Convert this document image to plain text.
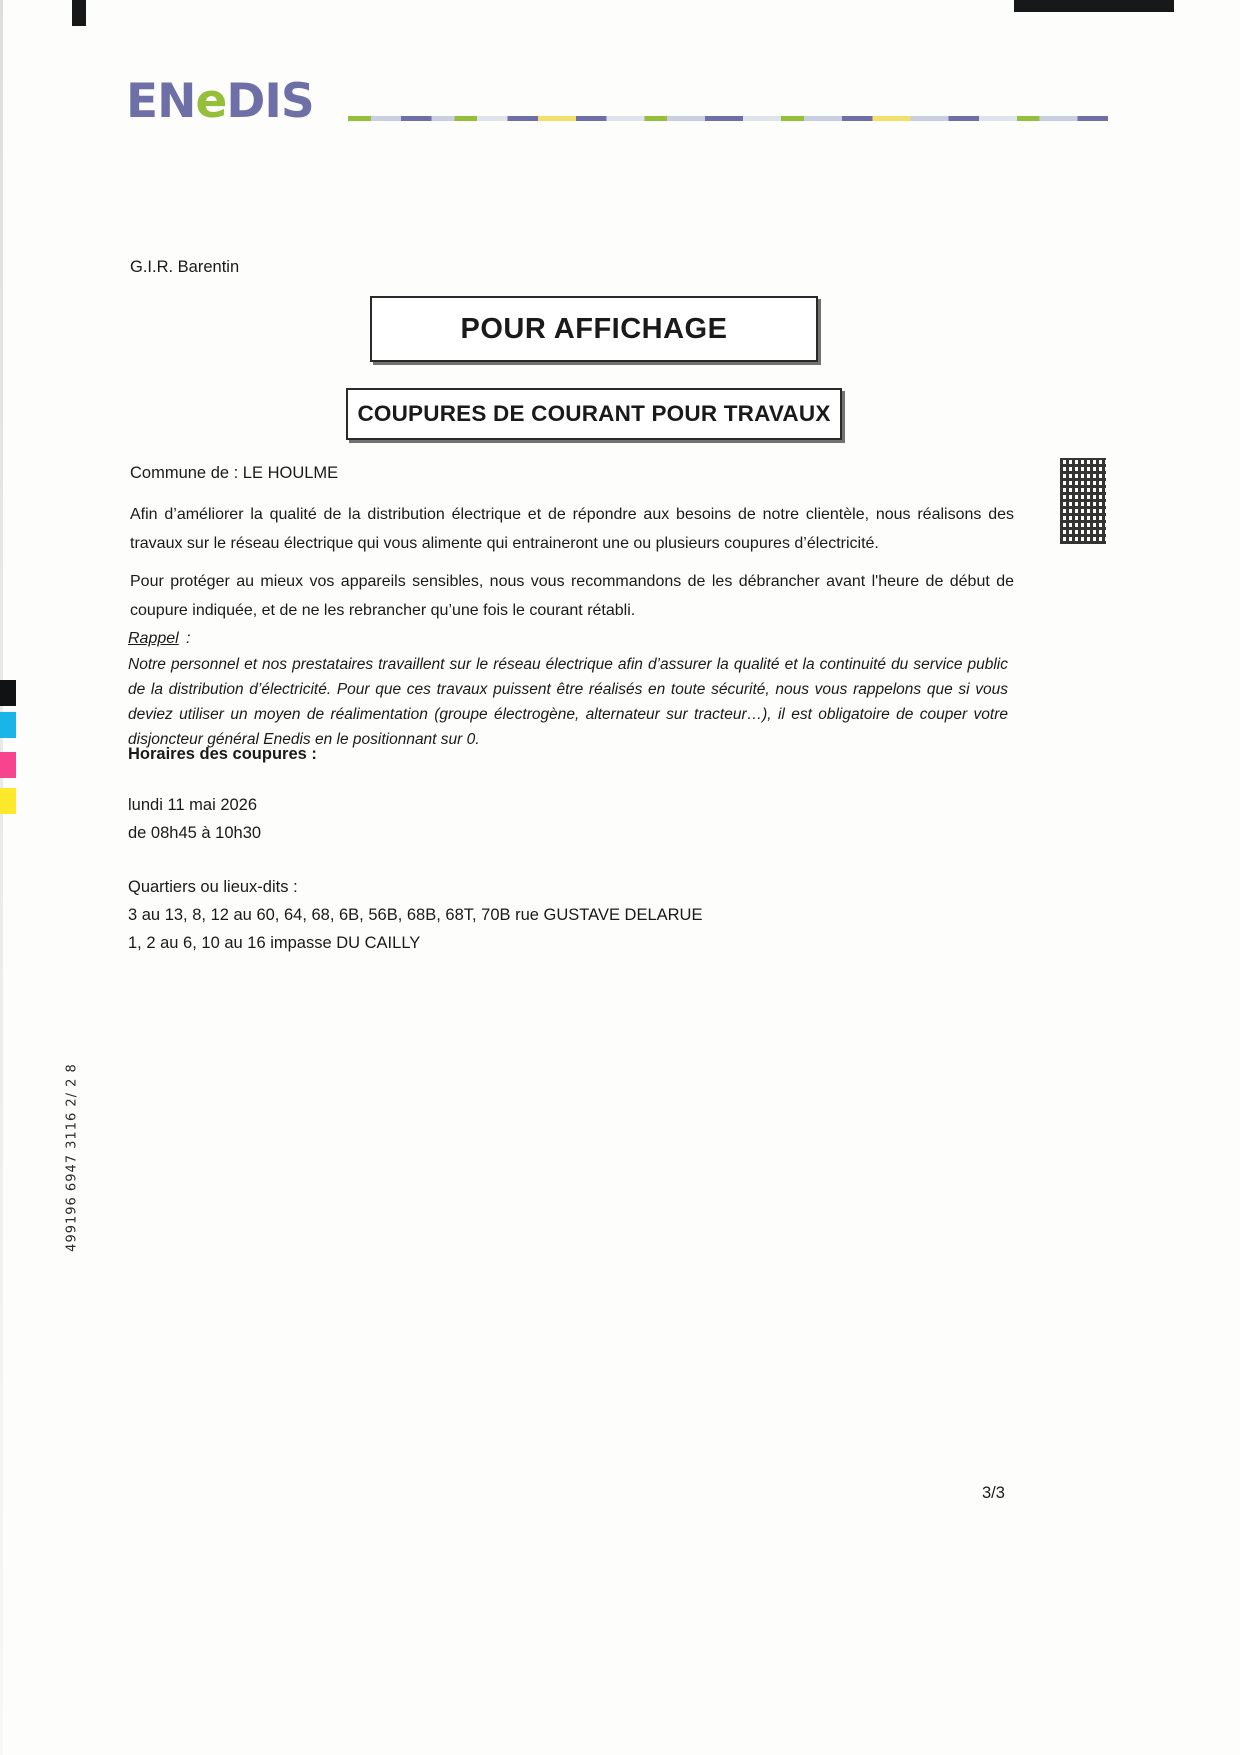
ENeDIS
G.I.R. Barentin
POUR AFFICHAGE
COUPURES DE COURANT POUR TRAVAUX
Commune de : LE HOULME
Afin d’améliorer la qualité de la distribution électrique et de répondre aux besoins de notre clientèle, nous réalisons des travaux sur le réseau électrique qui vous alimente qui entraineront une ou plusieurs coupures d’électricité.
Pour protéger au mieux vos appareils sensibles, nous vous recommandons de les débrancher avant l'heure de début de coupure indiquée, et de ne les rebrancher qu’une fois le courant rétabli.
Rappel :
Notre personnel et nos prestataires travaillent sur le réseau électrique afin d’assurer la qualité et la continuité du service public de la distribution d’électricité. Pour que ces travaux puissent être réalisés en toute sécurité, nous vous rappelons que si vous deviez utiliser un moyen de réalimentation (groupe électrogène, alternateur sur tracteur…), il est obligatoire de couper votre disjoncteur général Enedis en le positionnant sur 0.
Horaires des coupures :
lundi 11 mai 2026
de 08h45 à 10h30
Quartiers ou lieux-dits :
3 au 13, 8, 12 au 60, 64, 68, 6B, 56B, 68B, 68T, 70B rue GUSTAVE DELARUE
1, 2 au 6, 10 au 16 impasse DU CAILLY
499196 6947 3116 2/ 2 8
3/3
